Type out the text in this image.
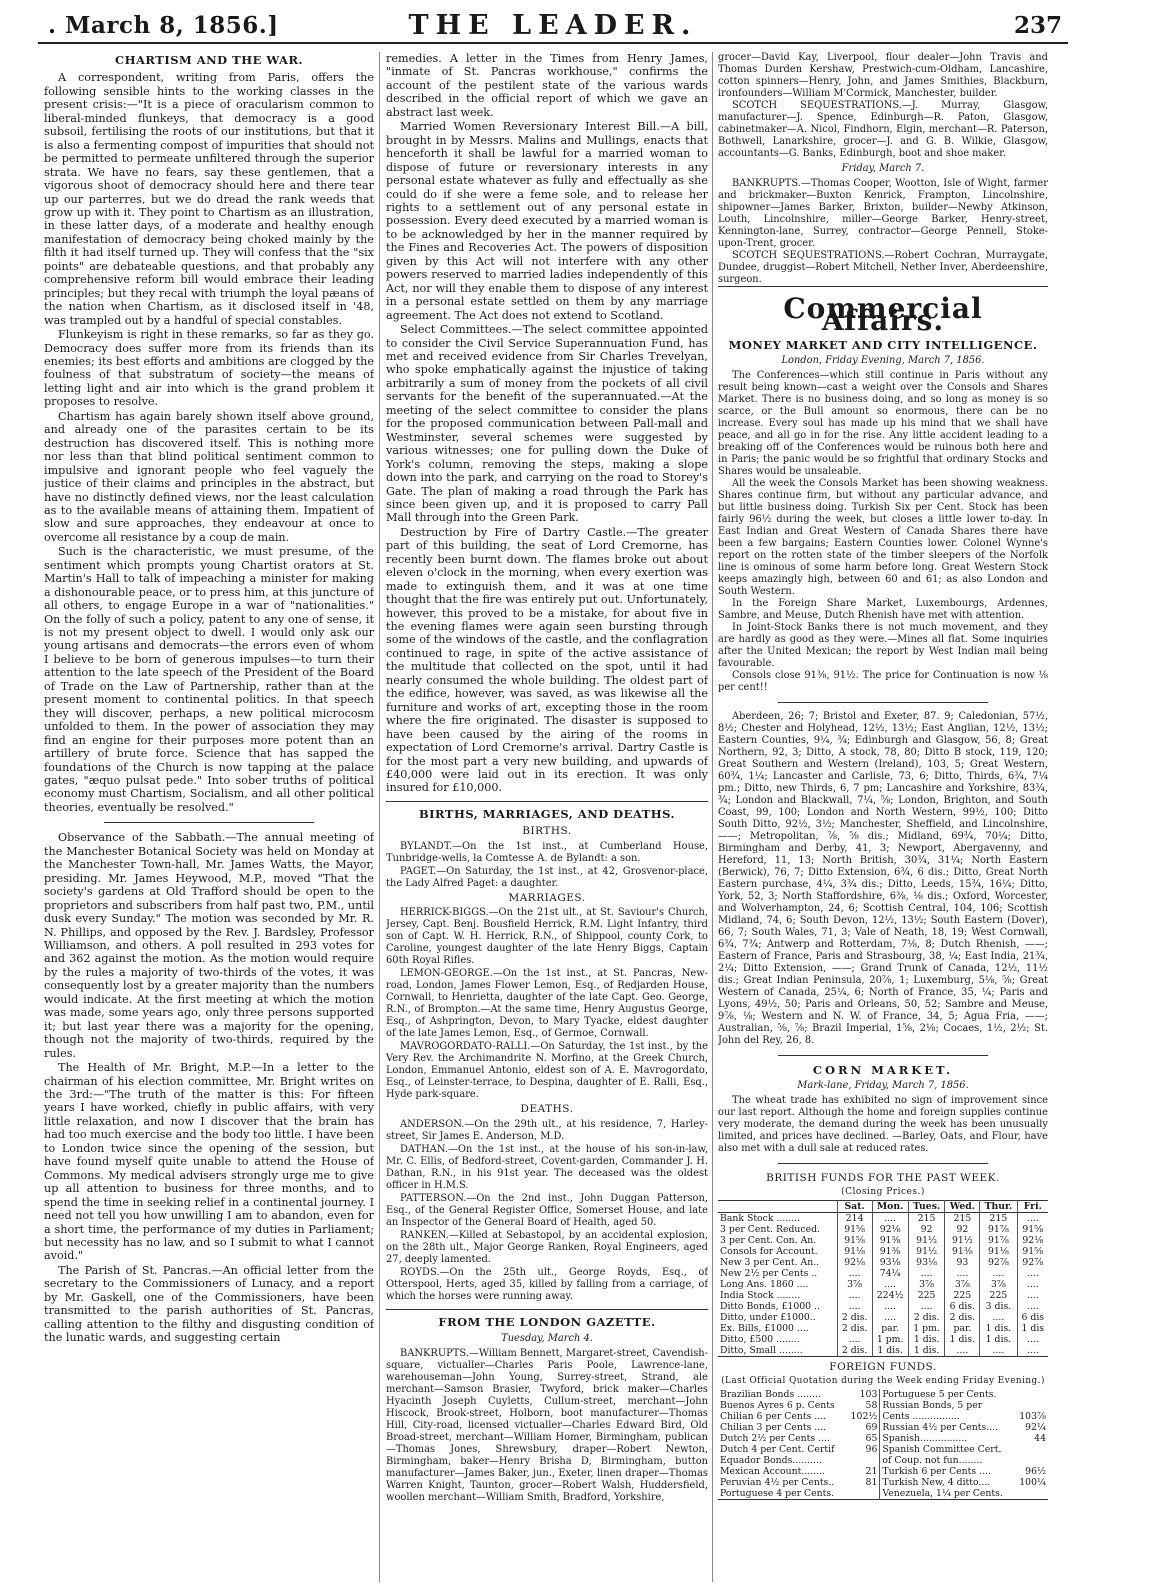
. March 8, 1856.]	THE LEADER.	237
CHARTISM AND THE WAR.

A correspondent, writing from Paris, offers the following sensible hints to the working classes in the present crisis:—"It is a piece of oracularism common to liberal-minded flunkeys, that democracy is a good subsoil, fertilising the roots of our institutions, but that it is also a fermenting compost of impurities that should not be permitted to permeate unfiltered through the superior strata. We have no fears, say these gentlemen, that a vigorous shoot of democracy should here and there tear up our parterres, but we do dread the rank weeds that grow up with it. They point to Chartism as an illustration, in these latter days, of a moderate and healthy enough manifestation of democracy being choked mainly by the filth it had itself turned up. They will confess that the "six points" are debateable questions, and that probably any comprehensive reform bill would embrace their leading principles; but they recal with triumph the loyal pæans of the nation when Chartism, as it disclosed itself in '48, was trampled out by a handful of special constables.

Flunkeyism is right in these remarks, so far as they go. Democracy does suffer more from its friends than its enemies; its best efforts and ambitions are clogged by the foulness of that substratum of society—the means of letting light and air into which is the grand problem it proposes to resolve.

Chartism has again barely shown itself above ground, and already one of the parasites certain to be its destruction has discovered itself. This is nothing more nor less than that blind political sentiment common to impulsive and ignorant people who feel vaguely the justice of their claims and principles in the abstract, but have no distinctly defined views, nor the least calculation as to the available means of attaining them. Impatient of slow and sure approaches, they endeavour at once to overcome all resistance by a coup de main.

Such is the characteristic, we must presume, of the sentiment which prompts young Chartist orators at St. Martin's Hall to talk of impeaching a minister for making a dishonourable peace, or to press him, at this juncture of all others, to engage Europe in a war of "nationalities." On the folly of such a policy, patent to any one of sense, it is not my present object to dwell. I would only ask our young artisans and democrats—the errors even of whom I believe to be born of generous impulses—to turn their attention to the late speech of the President of the Board of Trade on the Law of Partnership, rather than at the present moment to continental politics. In that speech they will discover, perhaps, a new political microcosm unfolded to them. In the power of association they may find an engine for their purposes more potent than an artillery of brute force. Science that has sapped the foundations of the Church is now tapping at the palace gates, "æquo pulsat pede." Into sober truths of political economy must Chartism, Socialism, and all other political theories, eventually be resolved."

Observance of the Sabbath.—The annual meeting of the Manchester Botanical Society was held on Monday at the Manchester Town-hall, Mr. James Watts, the Mayor, presiding. Mr. James Heywood, M.P., moved "That the society's gardens at Old Trafford should be open to the proprietors and subscribers from half past two, P.M., until dusk every Sunday." The motion was seconded by Mr. R. N. Phillips, and opposed by the Rev. J. Bardsley, Professor Williamson, and others. A poll resulted in 293 votes for and 362 against the motion. As the motion would require by the rules a majority of two-thirds of the votes, it was consequently lost by a greater majority than the numbers would indicate. At the first meeting at which the motion was made, some years ago, only three persons supported it; but last year there was a majority for the opening, though not the majority of two-thirds, required by the rules.

The Health of Mr. Bright, M.P.—In a letter to the chairman of his election committee, Mr. Bright writes on the 3rd:—"The truth of the matter is this: For fifteen years I have worked, chiefly in public affairs, with very little relaxation, and now I discover that the brain has had too much exercise and the body too little. I have been to London twice since the opening of the session, but have found myself quite unable to attend the House of Commons. My medical advisers strongly urge me to give up all attention to business for three months, and to spend the time in seeking relief in a continental journey. I need not tell you how unwilling I am to abandon, even for a short time, the performance of my duties in Parliament; but necessity has no law, and so I submit to what I cannot avoid."

The Parish of St. Pancras.—An official letter from the secretary to the Commissioners of Lunacy, and a report by Mr. Gaskell, one of the Commissioners, have been transmitted to the parish authorities of St. Pancras, calling attention to the filthy and disgusting condition of the lunatic wards, and suggesting certain

remedies. A letter in the Times from Henry James, "inmate of St. Pancras workhouse," confirms the account of the pestilent state of the various wards described in the official report of which we gave an abstract last week.

Married Women Reversionary Interest Bill.—A bill, brought in by Messrs. Malins and Mullings, enacts that henceforth it shall be lawful for a married woman to dispose of future or reversionary interests in any personal estate whatever as fully and effectually as she could do if she were a feme sole, and to release her rights to a settlement out of any personal estate in possession. Every deed executed by a married woman is to be acknowledged by her in the manner required by the Fines and Recoveries Act. The powers of disposition given by this Act will not interfere with any other powers reserved to married ladies independently of this Act, nor will they enable them to dispose of any interest in a personal estate settled on them by any marriage agreement. The Act does not extend to Scotland.

Select Committees.—The select committee appointed to consider the Civil Service Superannuation Fund, has met and received evidence from Sir Charles Trevelyan, who spoke emphatically against the injustice of taking arbitrarily a sum of money from the pockets of all civil servants for the benefit of the superannuated.—At the meeting of the select committee to consider the plans for the proposed communication between Pall-mall and Westminster, several schemes were suggested by various witnesses; one for pulling down the Duke of York's column, removing the steps, making a slope down into the park, and carrying on the road to Storey's Gate. The plan of making a road through the Park has since been given up, and it is proposed to carry Pall Mall through into the Green Park.

Destruction by Fire of Dartry Castle.—The greater part of this building, the seat of Lord Cremorne, has recently been burnt down. The flames broke out about eleven o'clock in the morning, when every exertion was made to extinguish them, and it was at one time thought that the fire was entirely put out. Unfortunately, however, this proved to be a mistake, for about five in the evening flames were again seen bursting through some of the windows of the castle, and the conflagration continued to rage, in spite of the active assistance of the multitude that collected on the spot, until it had nearly consumed the whole building. The oldest part of the edifice, however, was saved, as was likewise all the furniture and works of art, excepting those in the room where the fire originated. The disaster is supposed to have been caused by the airing of the rooms in expectation of Lord Cremorne's arrival. Dartry Castle is for the most part a very new building, and upwards of £40,000 were laid out in its erection. It was only insured for £10,000.

BIRTHS, MARRIAGES, AND DEATHS.
BIRTHS.

BYLANDT.—On the 1st inst., at Cumberland House, Tunbridge-wells, la Comtesse A. de Bylandt: a son.

PAGET.—On Saturday, the 1st inst., at 42, Grosvenor-place, the Lady Alfred Paget: a daughter.

MARRIAGES.

HERRICK-BIGGS.—On the 21st ult., at St. Saviour's Church, Jersey, Capt. Benj. Bousfield Herrick, R.M. Light Infantry, third son of Capt. W. H. Herrick, R.N., of Shippool, county Cork, to Caroline, youngest daughter of the late Henry Biggs, Captain 60th Royal Rifles.

LEMON-GEORGE.—On the 1st inst., at St. Pancras, New-road, London, James Flower Lemon, Esq., of Redjarden House, Cornwall, to Henrietta, daughter of the late Capt. Geo. George, R.N., of Brompton.—At the same time, Henry Augustus George, Esq., of Ashprington, Devon, to Mary Tyacke, eldest daughter of the late James Lemon, Esq., of Germoe, Cornwall.

MAVROGORDATO-RALLI.—On Saturday, the 1st inst., by the Very Rev. the Archimandrite N. Morfino, at the Greek Church, London, Emmanuel Antonio, eldest son of A. E. Mavrogordato, Esq., of Leinster-terrace, to Despina, daughter of E. Ralli, Esq., Hyde park-square.

DEATHS.

ANDERSON.—On the 29th ult., at his residence, 7, Harley-street, Sir James E. Anderson, M.D.

DATHAN.—On the 1st inst., at the house of his son-in-law, Mr. C. Ellis, of Bedford-street, Covent-garden, Commander J. H. Dathan, R.N., in his 91st year. The deceased was the oldest officer in H.M.S.

PATTERSON.—On the 2nd inst., John Duggan Patterson, Esq., of the General Register Office, Somerset House, and late an Inspector of the General Board of Health, aged 50.

RANKEN.—Killed at Sebastopol, by an accidental explosion, on the 28th ult., Major George Ranken, Royal Engineers, aged 27, deeply lamented.

ROYDS.—On the 25th ult., George Royds, Esq., of Otterspool, Herts, aged 35, killed by falling from a carriage, of which the horses were running away.

FROM THE LONDON GAZETTE.
Tuesday, March 4.

BANKRUPTS.—William Bennett, Margaret-street, Cavendish-square, victualler—Charles Paris Poole, Lawrence-lane, warehouseman—John Young, Surrey-street, Strand, ale merchant—Samson Brasier, Twyford, brick maker—Charles Hyacinth Joseph Cuyletts, Cullum-street, merchant—John Hiscock, Brook-street, Holborn, boot manufacturer—Thomas Hill, City-road, licensed victualler—Charles Edward Bird, Old Broad-street, merchant—William Homer, Birmingham, publican—Thomas Jones, Shrewsbury, draper—Robert Newton, Birmingham, baker—Henry Brisha D, Birmingham, button manufacturer—James Baker, jun., Exeter, linen draper—Thomas Warren Knight, Taunton, grocer—Robert Walsh, Huddersfield, woollen merchant—William Smith, Bradford, Yorkshire,

grocer—David Kay, Liverpool, flour dealer—John Travis and Thomas Durden Kershaw, Prestwich-cum-Oldham, Lancashire, cotton spinners—Henry, John, and James Smithies, Blackburn, ironfounders—William M'Cormick, Manchester, builder.

SCOTCH SEQUESTRATIONS.—J. Murray, Glasgow, manufacturer—J. Spence, Edinburgh—R. Paton, Glasgow, cabinetmaker—A. Nicol, Findhorn, Elgin, merchant—R. Paterson, Bothwell, Lanarkshire, grocer—J. and G. B. Wilkie, Glasgow, accountants—G. Banks, Edinburgh, boot and shoe maker.

Friday, March 7.

BANKRUPTS.—Thomas Cooper, Wootton, Isle of Wight, farmer and brickmaker—Buxton Kenrick, Frampton, Lincolnshire, shipowner—James Barker, Brixton, builder—Newby Atkinson, Louth, Lincolnshire, miller—George Barker, Henry-street, Kennington-lane, Surrey, contractor—George Pennell, Stoke-upon-Trent, grocer.

SCOTCH SEQUESTRATIONS.—Robert Cochran, Murraygate, Dundee, druggist—Robert Mitchell, Nether Inver, Aberdeenshire, surgeon.

Commercial Affairs.
MONEY MARKET AND CITY INTELLIGENCE.
London, Friday Evening, March 7, 1856.

The Conferences—which still continue in Paris without any result being known—cast a weight over the Consols and Shares Market. There is no business doing, and so long as money is so scarce, or the Bull amount so enormous, there can be no increase. Every soul has made up his mind that we shall have peace, and all go in for the rise. Any little accident leading to a breaking off of the Conferences would be ruinous both here and in Paris; the panic would be so frightful that ordinary Stocks and Shares would be unsaleable.

All the week the Consols Market has been showing weakness. Shares continue firm, but without any particular advance, and but little business doing. Turkish Six per Cent. Stock has been fairly 96½ during the week, but closes a little lower to-day. In East Indian and Great Western of Canada Shares there have been a few bargains; Eastern Counties lower. Colonel Wynne's report on the rotten state of the timber sleepers of the Norfolk line is ominous of some harm before long. Great Western Stock keeps amazingly high, between 60 and 61; as also London and South Western.

In the Foreign Share Market, Luxembourgs, Ardennes, Sambre, and Meuse, Dutch Rhenish have met with attention.

In Joint-Stock Banks there is not much movement, and they are hardly as good as they were.—Mines all flat. Some inquiries after the United Mexican; the report by West Indian mail being favourable.

Consols close 91⅜, 91½. The price for Continuation is now ⅛ per cent!!

Aberdeen, 26; 7; Bristol and Exeter, 87. 9; Caledonian, 57½, 8½; Chester and Holyhead, 12½, 13½; East Anglian, 12½, 13½; Eastern Counties, 9¼, ¾; Edinburgh and Glasgow, 56, 8; Great Northern, 92, 3; Ditto, A stock, 78, 80; Ditto B stock, 119, 120; Great Southern and Western (Ireland), 103, 5; Great Western, 60¾, 1¼; Lancaster and Carlisle, 73, 6; Ditto, Thirds, 6¾, 7¼ pm.; Ditto, new Thirds, 6, 7 pm; Lancashire and Yorkshire, 83¾, ¾; London and Blackwall, 7¼, ⅝; London, Brighton, and South Coast, 99, 100; London and North Western, 99½, 100; Ditto South Ditto, 92½, 3½; Manchester, Sheffield, and Lincolnshire, ——; Metropolitan, ⅞, ⅝ dis.; Midland, 69¾, 70¼; Ditto, Birmingham and Derby, 41, 3; Newport, Abergavenny, and Hereford, 11, 13; North British, 30¾, 31¼; North Eastern (Berwick), 76, 7; Ditto Extension, 6¾, 6 dis.; Ditto, Great North Eastern purchase, 4¼, 3¾ dis.; Ditto, Leeds, 15¾, 16¼; Ditto, York, 52, 3; North Staffordshire, 6⅜, ⅛ dis.; Oxford, Worcester, and Wolverhampton, 24, 6; Scottish Central, 104, 106; Scottish Midland, 74, 6; South Devon, 12½, 13½; South Eastern (Dover), 66, 7; South Wales, 71, 3; Vale of Neath, 18, 19; West Cornwall, 6¾, 7¾; Antwerp and Rotterdam, 7⅛, 8; Dutch Rhenish, ——; Eastern of France, Paris and Strasbourg, 38, ¼; East India, 21¾, 2¼; Ditto Extension, ——; Grand Trunk of Canada, 12½, 11½ dis.; Great Indian Peninsula, 20⅞, 1; Luxemburg, 5⅛, ⅝; Great Western of Canada, 25¼, 6; North of France, 35, ¼; Paris and Lyons, 49½, 50; Paris and Orleans, 50, 52; Sambre and Meuse, 9⅞, ⅛; Western and N. W. of France, 34, 5; Agua Fria, ——; Australian, ⅝, ⅞; Brazil Imperial, 1⅝, 2⅛; Cocaes, 1½, 2½; St. John del Rey, 26, 8.

CORN MARKET.
Mark-lane, Friday, March 7, 1856.

The wheat trade has exhibited no sign of improvement since our last report. Although the home and foreign supplies continue very moderate, the demand during the week has been unusually limited, and prices have declined. —Barley, Oats, and Flour, have also met with a dull sale at reduced rates.

BRITISH FUNDS FOR THE PAST WEEK.
(Closing Prices.)
	Sat.	Mon.	Tues.	Wed.	Thur.	Fri.
Bank Stock ........	214	....	215	215	215	....
3 per Cent. Reduced.	91⅝	92⅛	92	92	91⅞	91⅝
3 per Cent. Con. An.	91⅝	91⅜	91½	91½	91⅞	92⅛
Consols for Account.	91⅛	91⅜	91½	91⅜	91⅛	91⅝
New 3 per Cent. An..	92⅛	93⅛	93⅛	93	92⅞	92⅞
New 2½ per Cents ..	....	74¼	....	....	....	....
Long Ans. 1860 ....	3⅞	....	3⅞	3⅞	3⅞	....
India Stock ........	....	224½	225	225	225	....
Ditto Bonds, £1000 ..	....	....	....	6 dis.	3 dis.	....
Ditto, under £1000..	2 dis.	....	2 dis.	2 dis.	....	6 dis
Ex. Bills, £1000 ....	2 dis.	par.	1 pm.	par.	1 dis.	1 dis
Ditto, £500 ........	....	1 pm.	1 dis.	1 dis.	1 dis.	....
Ditto, Small ........	2 dis.	1 dis.	1 dis.	....	....	....
FOREIGN FUNDS.
(Last Official Quotation during the Week ending Friday Evening.)
Brazilian Bonds ........	103	Portuguese 5 per Cents.	
Buenos Ayres 6 p. Cents	58	Russian Bonds, 5 per	
Chilian 6 per Cents ....	102½	Cents ................	103⅞
Chilian 3 per Cents ....	69	Russian 4½ per Cents....	92¼
Dutch 2½ per Cents ....	65	Spanish................	44
Dutch 4 per Cent. Certif	96	Spanish Committee Cert.	
Equador Bonds..........		of Coup. not fun........	
Mexican Account........	21	Turkish 6 per Cents ....	96½
Peruvian 4½ per Cents..	81	Turkish New, 4 ditto....	100¼
Portuguese 4 per Cents.		Venezuela, 1¼ per Cents.	
